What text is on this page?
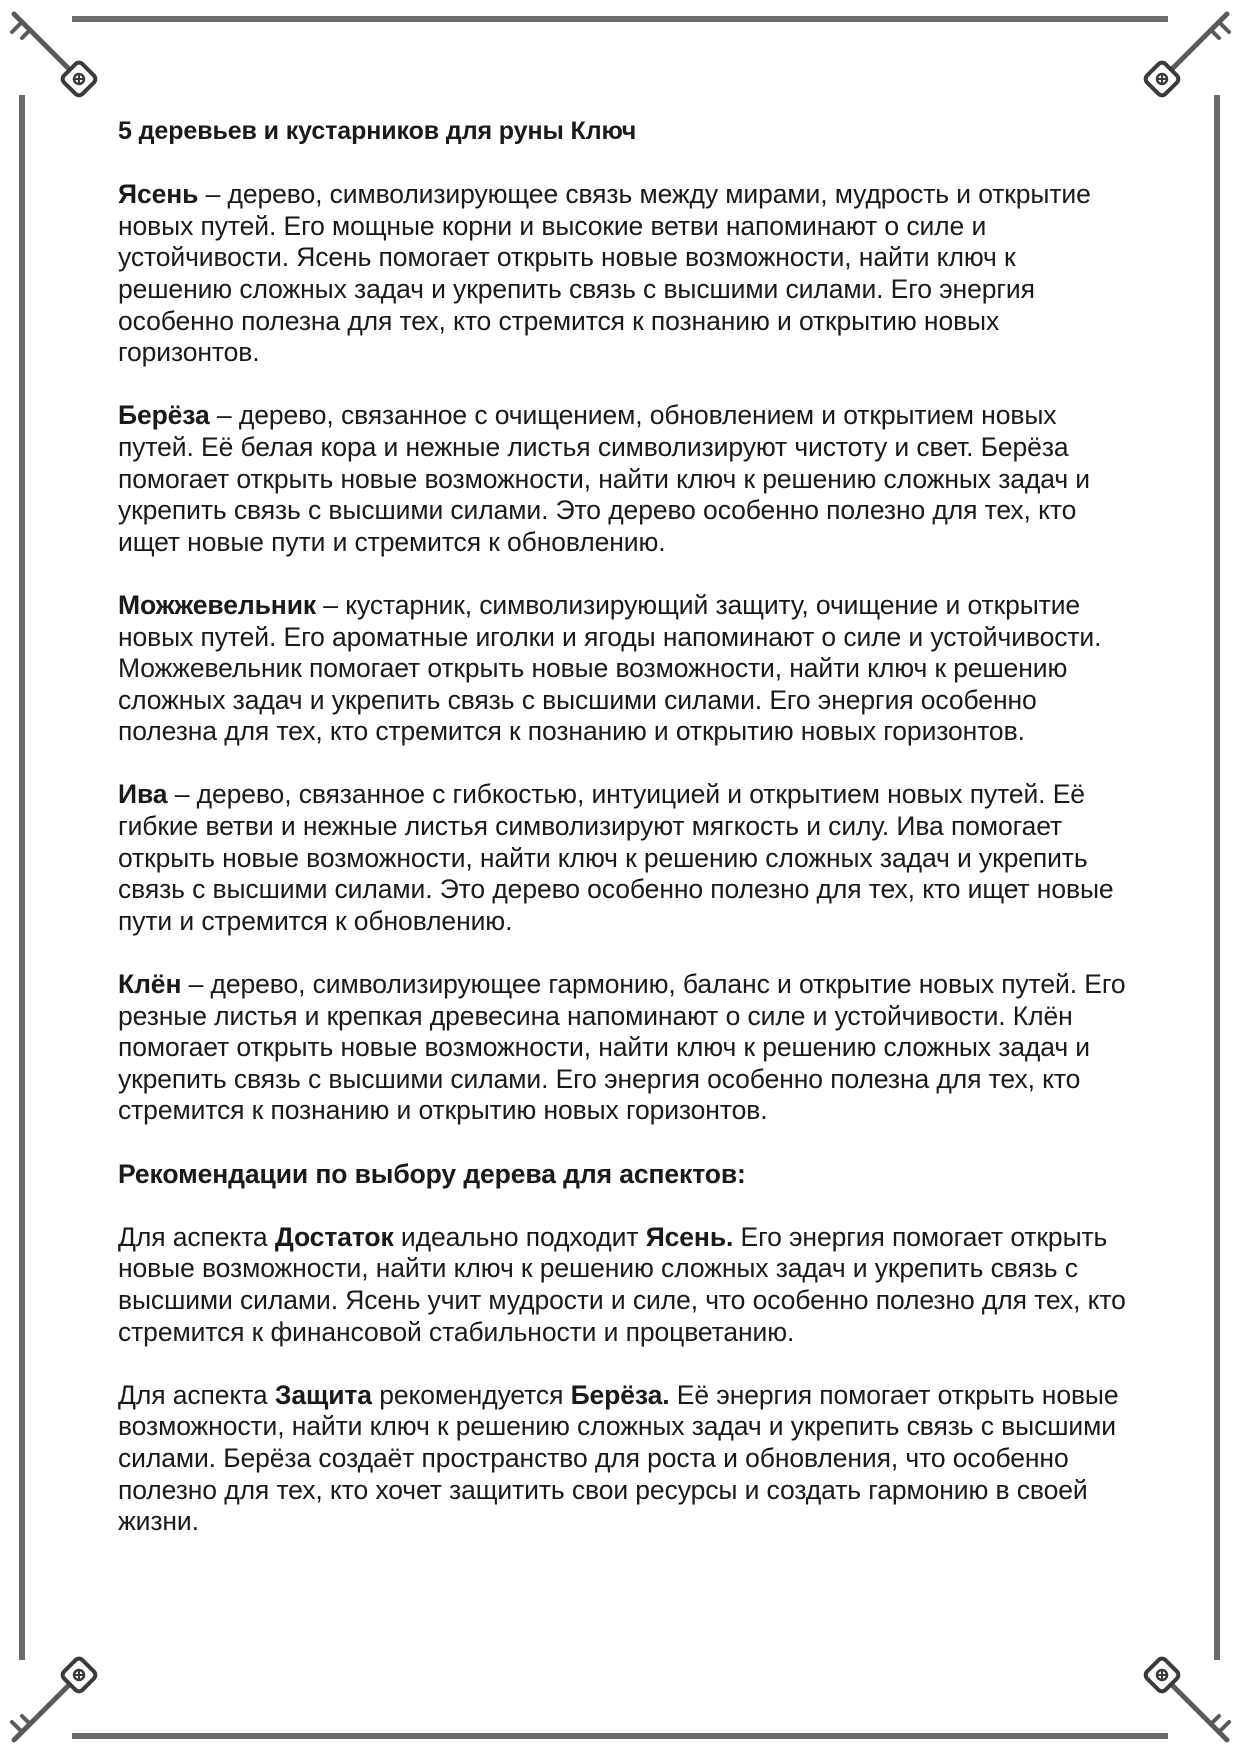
5 деревьев и кустарников для руны Ключ

Ясень – дерево, символизирующее связь между мирами, мудрость и открытие новых путей. Его мощные корни и высокие ветви напоминают о силе и устойчивости. Ясень помогает открыть новые возможности, найти ключ к решению сложных задач и укрепить связь с высшими силами. Его энергия особенно полезна для тех, кто стремится к познанию и открытию новых горизонтов.

Берёза – дерево, связанное с очищением, обновлением и открытием новых путей. Её белая кора и нежные листья символизируют чистоту и свет. Берёза помогает открыть новые возможности, найти ключ к решению сложных задач и укрепить связь с высшими силами. Это дерево особенно полезно для тех, кто ищет новые пути и стремится к обновлению.

Можжевельник – кустарник, символизирующий защиту, очищение и открытие новых путей. Его ароматные иголки и ягоды напоминают о силе и устойчивости. Можжевельник помогает открыть новые возможности, найти ключ к решению сложных задач и укрепить связь с высшими силами. Его энергия особенно полезна для тех, кто стремится к познанию и открытию новых горизонтов.

Ива – дерево, связанное с гибкостью, интуицией и открытием новых путей. Её гибкие ветви и нежные листья символизируют мягкость и силу. Ива помогает открыть новые возможности, найти ключ к решению сложных задач и укрепить связь с высшими силами. Это дерево особенно полезно для тех, кто ищет новые пути и стремится к обновлению.

Клён – дерево, символизирующее гармонию, баланс и открытие новых путей. Его резные листья и крепкая древесина напоминают о силе и устойчивости. Клён помогает открыть новые возможности, найти ключ к решению сложных задач и укрепить связь с высшими силами. Его энергия особенно полезна для тех, кто стремится к познанию и открытию новых горизонтов.

Рекомендации по выбору дерева для аспектов:

Для аспекта Достаток идеально подходит Ясень. Его энергия помогает открыть новые возможности, найти ключ к решению сложных задач и укрепить связь с высшими силами. Ясень учит мудрости и силе, что особенно полезно для тех, кто стремится к финансовой стабильности и процветанию.

Для аспекта Защита рекомендуется Берёза. Её энергия помогает открыть новые возможности, найти ключ к решению сложных задач и укрепить связь с высшими силами. Берёза создаёт пространство для роста и обновления, что особенно полезно для тех, кто хочет защитить свои ресурсы и создать гармонию в своей жизни.
